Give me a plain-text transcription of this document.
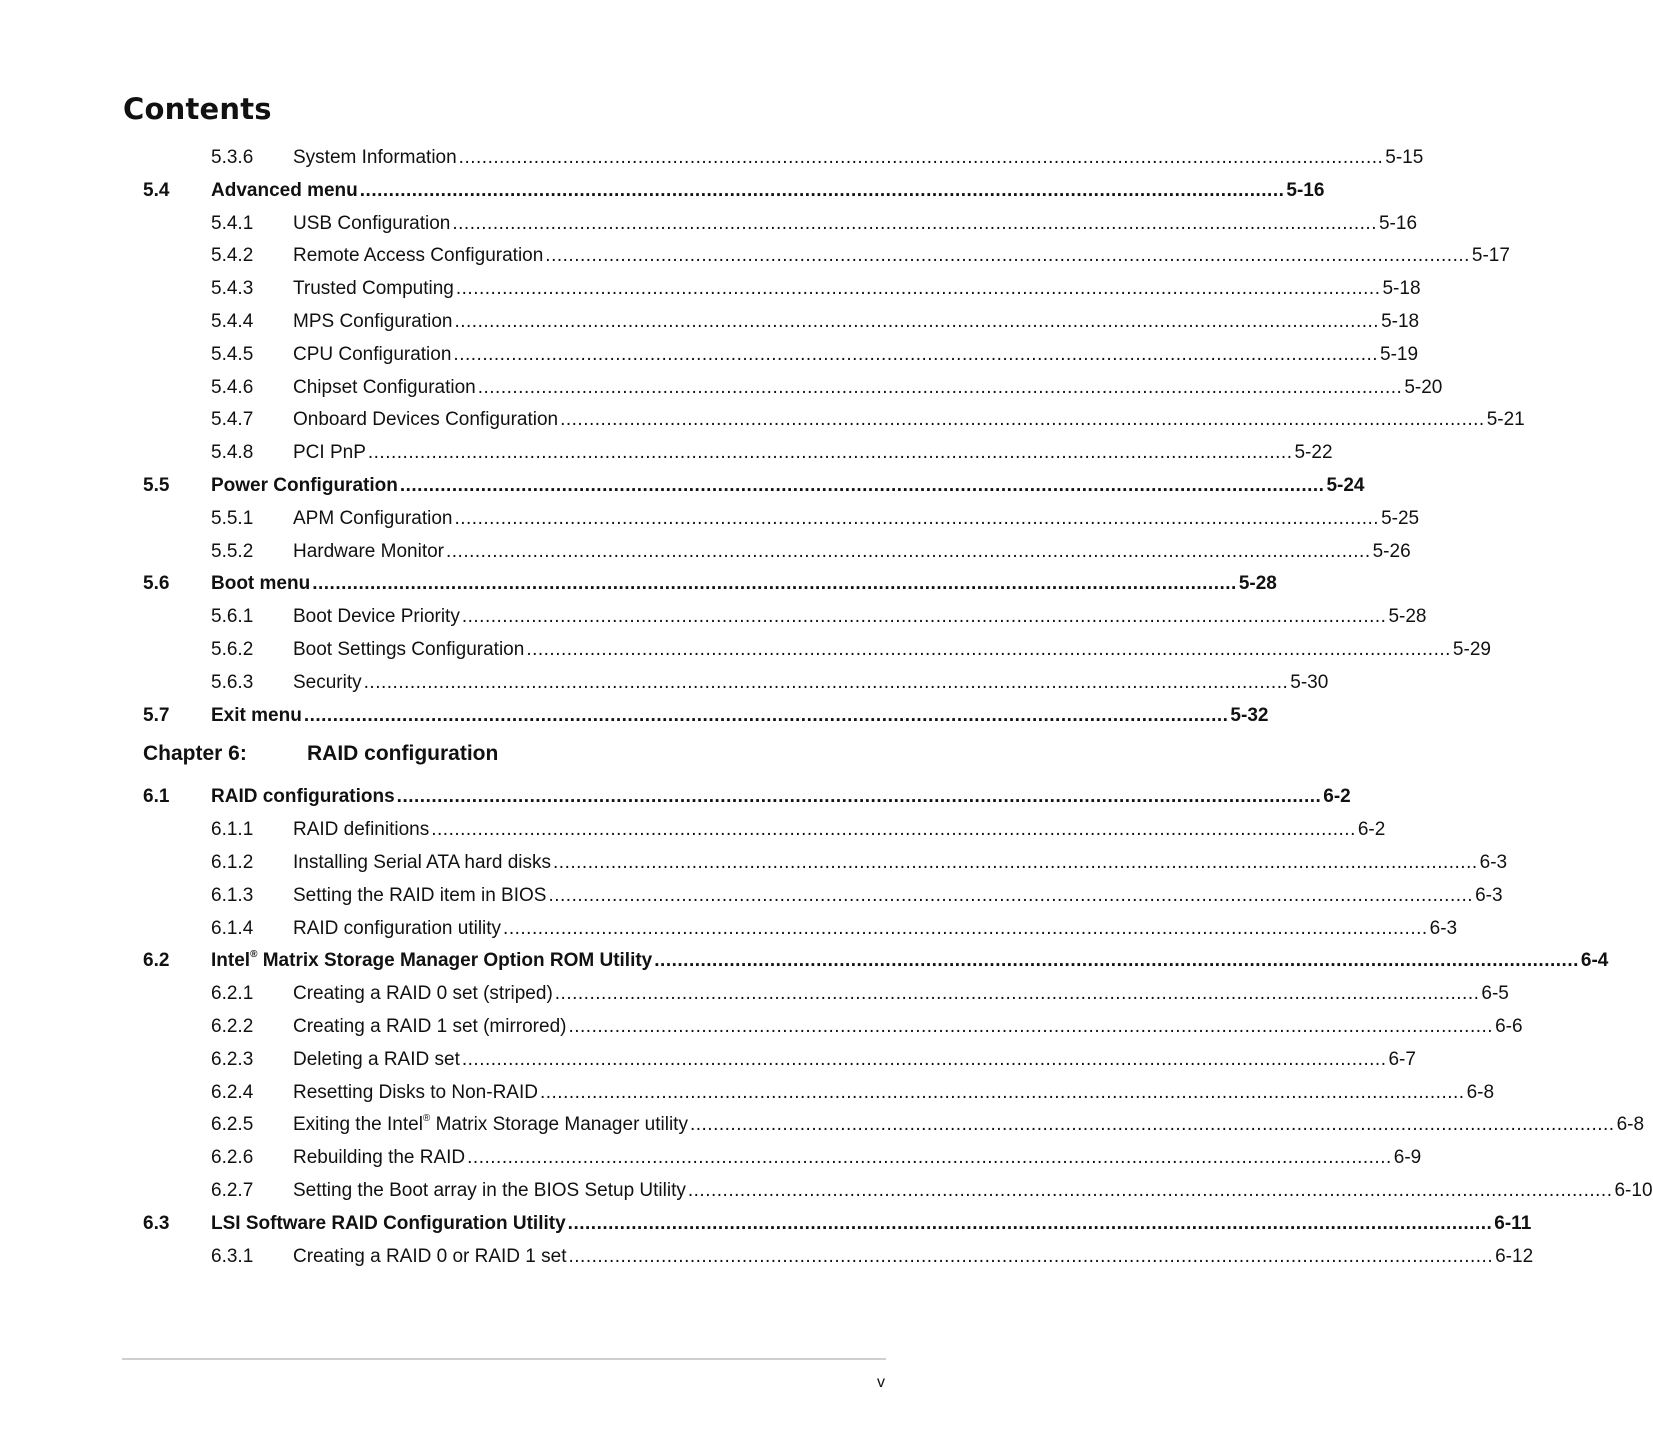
Contents
5.3.6 System Information ................................................................................................................................................................ 5-15
5.4 Advanced menu ................................................................................................................................................................ 5-16
5.4.1 USB Configuration ................................................................................................................................................................ 5-16
5.4.2 Remote Access Configuration ................................................................................................................................................................ 5-17
5.4.3 Trusted Computing ................................................................................................................................................................ 5-18
5.4.4 MPS Configuration ................................................................................................................................................................ 5-18
5.4.5 CPU Configuration ................................................................................................................................................................ 5-19
5.4.6 Chipset Configuration ................................................................................................................................................................ 5-20
5.4.7 Onboard Devices Configuration ................................................................................................................................................................ 5-21
5.4.8 PCI PnP ................................................................................................................................................................ 5-22
5.5 Power Configuration ................................................................................................................................................................ 5-24
5.5.1 APM Configuration ................................................................................................................................................................ 5-25
5.5.2 Hardware Monitor ................................................................................................................................................................ 5-26
5.6 Boot menu ................................................................................................................................................................ 5-28
5.6.1 Boot Device Priority ................................................................................................................................................................ 5-28
5.6.2 Boot Settings Configuration ................................................................................................................................................................ 5-29
5.6.3 Security ................................................................................................................................................................ 5-30
5.7 Exit menu ................................................................................................................................................................ 5-32
Chapter 6:	RAID configuration
6.1 RAID configurations ................................................................................................................................................................ 6-2
6.1.1 RAID definitions ................................................................................................................................................................ 6-2
6.1.2 Installing Serial ATA hard disks ................................................................................................................................................................ 6-3
6.1.3 Setting the RAID item in BIOS ................................................................................................................................................................ 6-3
6.1.4 RAID configuration utility ................................................................................................................................................................ 6-3
6.2 Intel® Matrix Storage Manager Option ROM Utility ................................................................................................................................................................ 6-4
6.2.1 Creating a RAID 0 set (striped) ................................................................................................................................................................ 6-5
6.2.2 Creating a RAID 1 set (mirrored) ................................................................................................................................................................ 6-6
6.2.3 Deleting a RAID set ................................................................................................................................................................ 6-7
6.2.4 Resetting Disks to Non-RAID ................................................................................................................................................................ 6-8
6.2.5 Exiting the Intel® Matrix Storage Manager utility ................................................................................................................................................................ 6-8
6.2.6 Rebuilding the RAID ................................................................................................................................................................ 6-9
6.2.7 Setting the Boot array in the BIOS Setup Utility ................................................................................................................................................................ 6-10
6.3 LSI Software RAID Configuration Utility ................................................................................................................................................................ 6-11
6.3.1 Creating a RAID 0 or RAID 1 set ................................................................................................................................................................ 6-12
v
